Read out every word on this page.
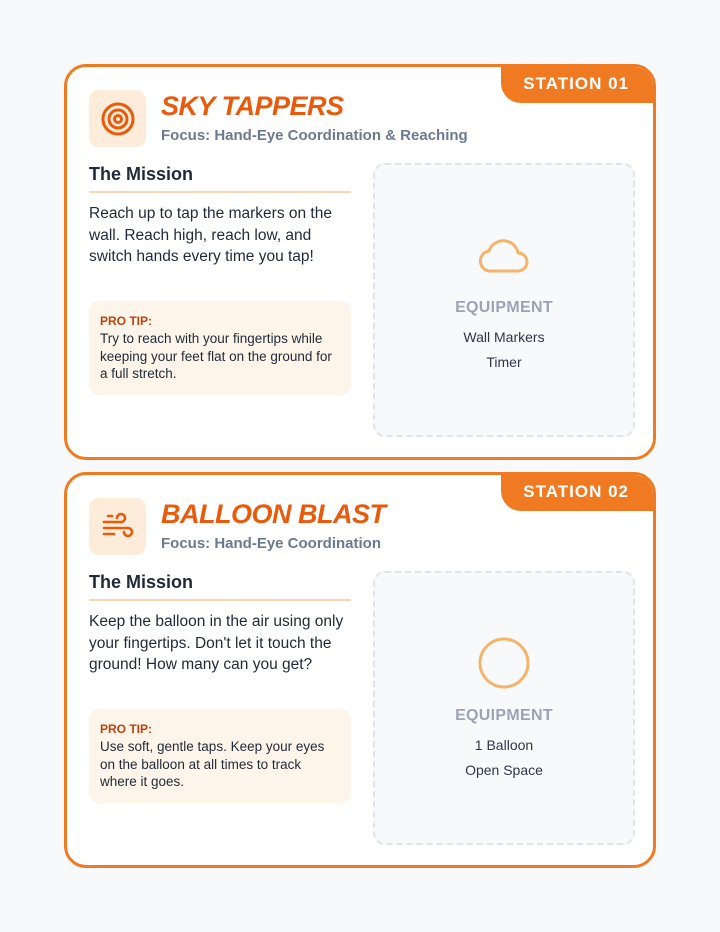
STATION 01
SKY TAPPERS
Focus: Hand-Eye Coordination & Reaching
The Mission
Reach up to tap the markers on the wall. Reach high, reach low, and switch hands every time you tap!
PRO TIP:
Try to reach with your fingertips while keeping your feet flat on the ground for a full stretch.
EQUIPMENT
Wall Markers
Timer
STATION 02
BALLOON BLAST
Focus: Hand-Eye Coordination
The Mission
Keep the balloon in the air using only your fingertips. Don't let it touch the ground! How many can you get?
PRO TIP:
Use soft, gentle taps. Keep your eyes on the balloon at all times to track where it goes.
EQUIPMENT
1 Balloon
Open Space
